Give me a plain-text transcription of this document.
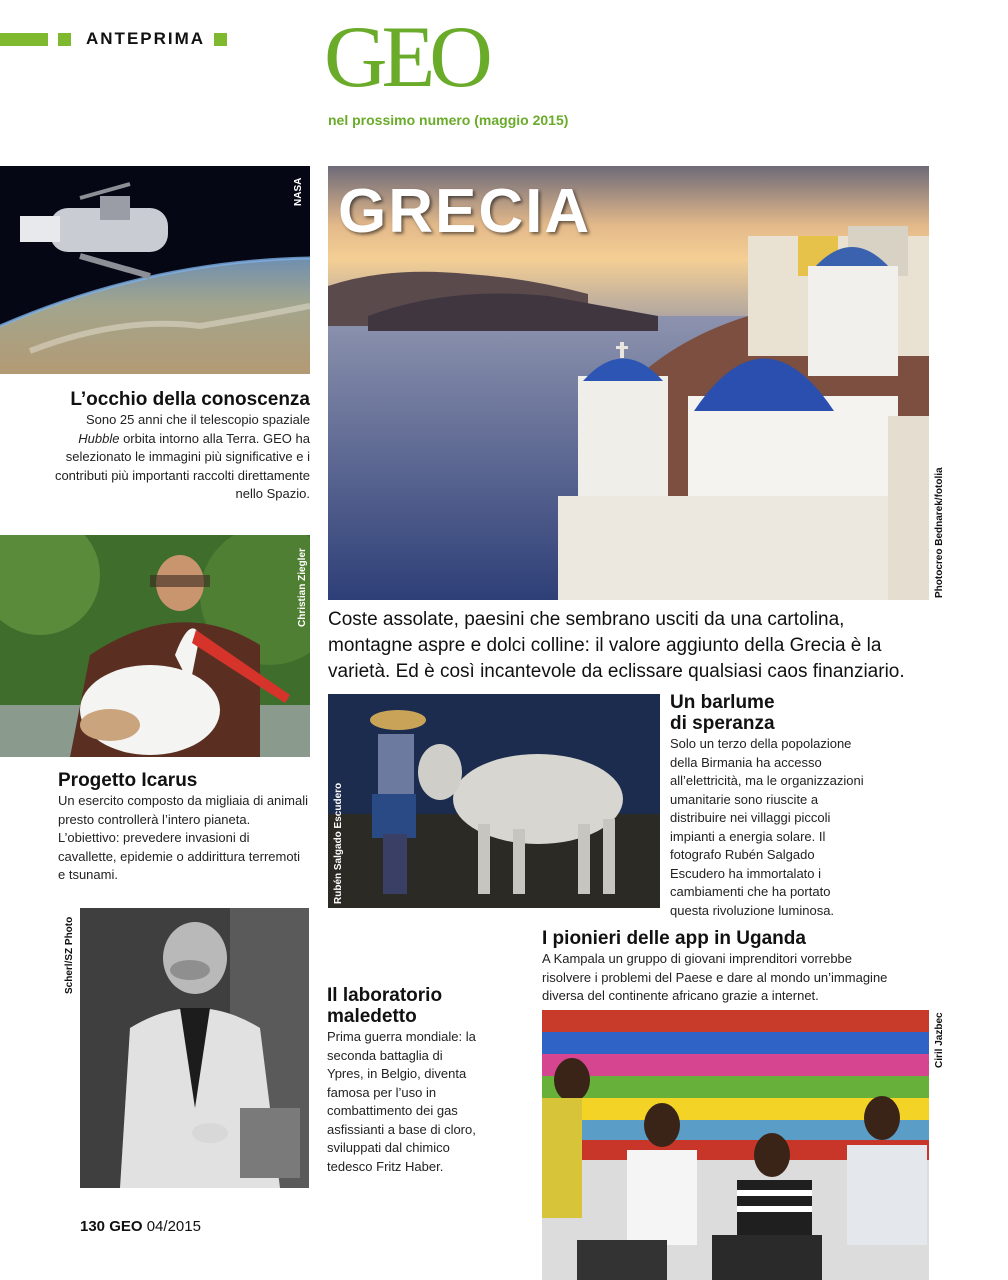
ANTEPRIMA GEO
nel prossimo numero (maggio 2015)
NASA
L’occhio della conoscenza
Sono 25 anni che il telescopio spaziale Hubble orbita intorno alla Terra. GEO ha selezionato le immagini più significative e i contributi più importanti raccolti direttamente nello Spazio.
Christian Ziegler
Progetto Icarus
Un esercito composto da migliaia di animali presto controllerà l’intero pianeta. L’obiettivo: prevedere invasioni di cavallette, epidemie o addirittura terremoti e tsunami.
GRECIA
Photocreo Bednarek/fotolia
Coste assolate, paesini che sembrano usciti da una cartolina, montagne aspre e dolci colline: il valore aggiunto della Grecia è la varietà. Ed è così incantevole da eclissare qualsiasi caos finanziario.
Rubén Salgado Escudero
Un barlume
di speranza
Solo un terzo della popolazione della Birmania ha accesso all’elettricità, ma le organizzazioni umanitarie sono riuscite a distribuire nei villaggi piccoli impianti a energia solare. Il fotografo Rubén Salgado Escudero ha immortalato i cambiamenti che ha portato questa rivoluzione luminosa.
I pionieri delle app in Uganda
A Kampala un gruppo di giovani imprenditori vorrebbe risolvere i problemi del Paese e dare al mondo un’immagine diversa del continente africano grazie a internet.
Ciril Jazbec
Scherl/SZ Photo
Il laboratorio
maledetto
Prima guerra mondiale: la seconda battaglia di Ypres, in Belgio, diventa famosa per l’uso in combattimento dei gas asfissianti a base di cloro, sviluppati dal chimico tedesco Fritz Haber.
130 GEO 04/2015
